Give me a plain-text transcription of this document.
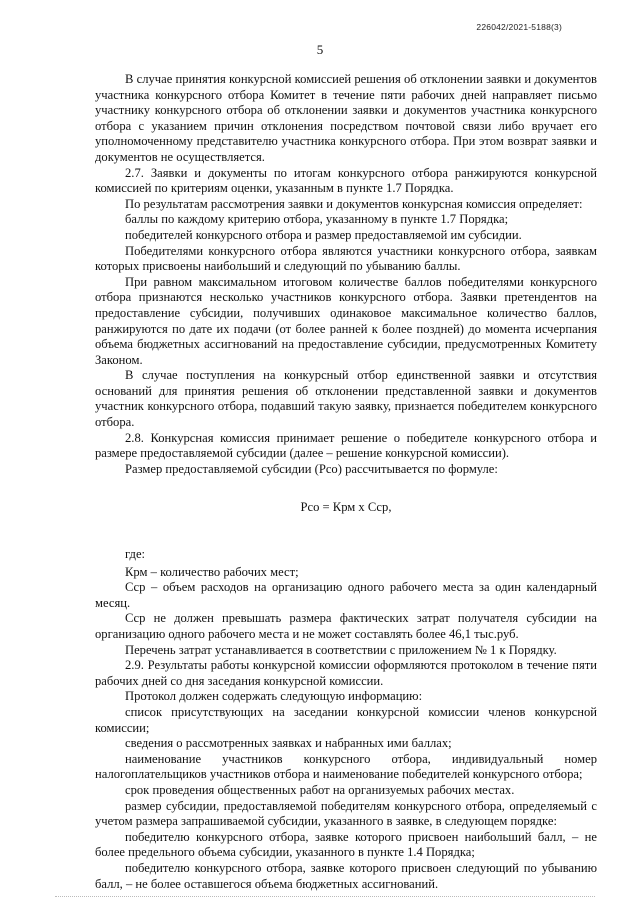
226042/2021-5188(3)
5

В случае принятия конкурсной комиссией решения об отклонении заявки и документов участника конкурсного отбора Комитет в течение пяти рабочих дней направляет письмо участнику конкурсного отбора об отклонении заявки и документов участника конкурсного отбора с указанием причин отклонения посредством почтовой связи либо вручает его уполномоченному представителю участника конкурсного отбора. При этом возврат заявки и документов не осуществляется.

2.7. Заявки и документы по итогам конкурсного отбора ранжируются конкурсной комиссией по критериям оценки, указанным в пункте 1.7 Порядка.

По результатам рассмотрения заявки и документов конкурсная комиссия определяет:

баллы по каждому критерию отбора, указанному в пункте 1.7 Порядка;

победителей конкурсного отбора и размер предоставляемой им субсидии.

Победителями конкурсного отбора являются участники конкурсного отбора, заявкам которых присвоены наибольший и следующий по убыванию баллы.

При равном максимальном итоговом количестве баллов победителями конкурсного отбора признаются несколько участников конкурсного отбора. Заявки претендентов на предоставление субсидии, получивших одинаковое максимальное количество баллов, ранжируются по дате их подачи (от более ранней к более поздней) до момента исчерпания объема бюджетных ассигнований на предоставление субсидии, предусмотренных Комитету Законом.

В случае поступления на конкурсный отбор единственной заявки и отсутствия оснований для принятия решения об отклонении представленной заявки и документов участник конкурсного отбора, подавший такую заявку, признается победителем конкурсного отбора.

2.8. Конкурсная комиссия принимает решение о победителе конкурсного отбора и размере предоставляемой субсидии (далее – решение конкурсной комиссии).

Размер предоставляемой субсидии (Рсо) рассчитывается по формуле:

Рсо = Крм х Сср,

где:

Крм – количество рабочих мест;

Сср – объем расходов на организацию одного рабочего места за один календарный месяц.

Сср не должен превышать размера фактических затрат получателя субсидии на организацию одного рабочего места и не может составлять более 46,1 тыс.руб.

Перечень затрат устанавливается в соответствии с приложением № 1 к Порядку.

2.9. Результаты работы конкурсной комиссии оформляются протоколом в течение пяти рабочих дней со дня заседания конкурсной комиссии.

Протокол должен содержать следующую информацию:

список присутствующих на заседании конкурсной комиссии членов конкурсной комиссии;

сведения о рассмотренных заявках и набранных ими баллах;

наименование участников конкурсного отбора, индивидуальный номер налогоплательщиков участников отбора и наименование победителей конкурсного отбора;

срок проведения общественных работ на организуемых рабочих местах.

размер субсидии, предоставляемой победителям конкурсного отбора, определяемый с учетом размера запрашиваемой субсидии, указанного в заявке, в следующем порядке:

победителю конкурсного отбора, заявке которого присвоен наибольший балл, – не более предельного объема субсидии, указанного в пункте 1.4 Порядка;

победителю конкурсного отбора, заявке которого присвоен следующий по убыванию балл, – не более оставшегося объема бюджетных ассигнований.
